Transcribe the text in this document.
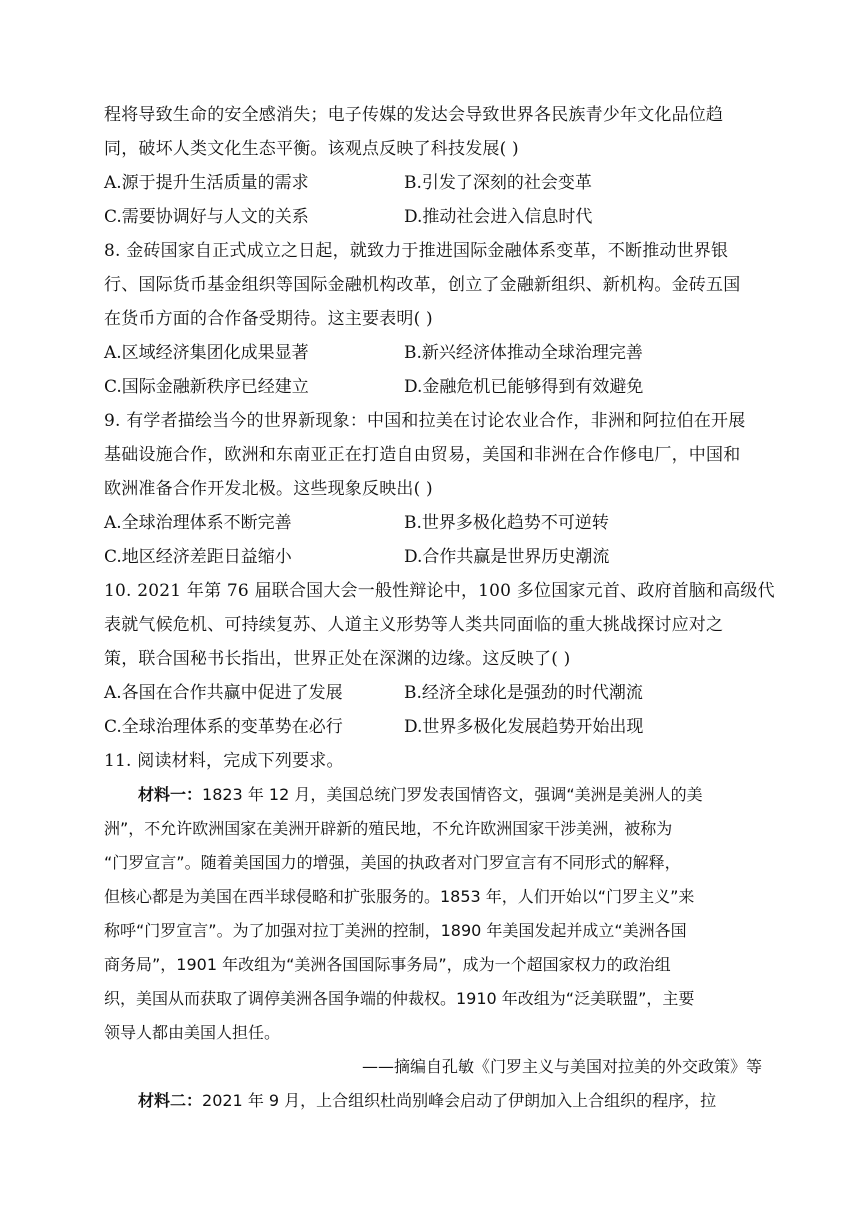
程将导致生命的安全感消失；电子传媒的发达会导致世界各民族青少年文化品位趋
同，破坏人类文化生态平衡。该观点反映了科技发展( )
A.源于提升生活质量的需求	B.引发了深刻的社会变革
C.需要协调好与人文的关系	D.推动社会进入信息时代
8. 金砖国家自正式成立之日起，就致力于推进国际金融体系变革，不断推动世界银
行、国际货币基金组织等国际金融机构改革，创立了金融新组织、新机构。金砖五国
在货币方面的合作备受期待。这主要表明( )
A.区域经济集团化成果显著	B.新兴经济体推动全球治理完善
C.国际金融新秩序已经建立	D.金融危机已能够得到有效避免
9. 有学者描绘当今的世界新现象：中国和拉美在讨论农业合作，非洲和阿拉伯在开展
基础设施合作，欧洲和东南亚正在打造自由贸易，美国和非洲在合作修电厂，中国和
欧洲准备合作开发北极。这些现象反映出( )
A.全球治理体系不断完善	B.世界多极化趋势不可逆转
C.地区经济差距日益缩小	D.合作共赢是世界历史潮流
10. 2021 年第 76 届联合国大会一般性辩论中，100 多位国家元首、政府首脑和高级代
表就气候危机、可持续复苏、人道主义形势等人类共同面临的重大挑战探讨应对之
策，联合国秘书长指出，世界正处在深渊的边缘。这反映了( )
A.各国在合作共赢中促进了发展	B.经济全球化是强劲的时代潮流
C.全球治理体系的变革势在必行	D.世界多极化发展趋势开始出现
11. 阅读材料，完成下列要求。
材料一：1823 年 12 月，美国总统门罗发表国情咨文，强调“美洲是美洲人的美
洲”，不允许欧洲国家在美洲开辟新的殖民地，不允许欧洲国家干涉美洲，被称为
“门罗宣言”。随着美国国力的增强，美国的执政者对门罗宣言有不同形式的解释，
但核心都是为美国在西半球侵略和扩张服务的。1853 年，人们开始以“门罗主义”来
称呼“门罗宣言”。为了加强对拉丁美洲的控制，1890 年美国发起并成立“美洲各国
商务局”，1901 年改组为“美洲各国国际事务局”，成为一个超国家权力的政治组
织，美国从而获取了调停美洲各国争端的仲裁权。1910 年改组为“泛美联盟”，主要
领导人都由美国人担任。
——摘编自孔敏《门罗主义与美国对拉美的外交政策》等
材料二：2021 年 9 月，上合组织杜尚别峰会启动了伊朗加入上合组织的程序，拉
